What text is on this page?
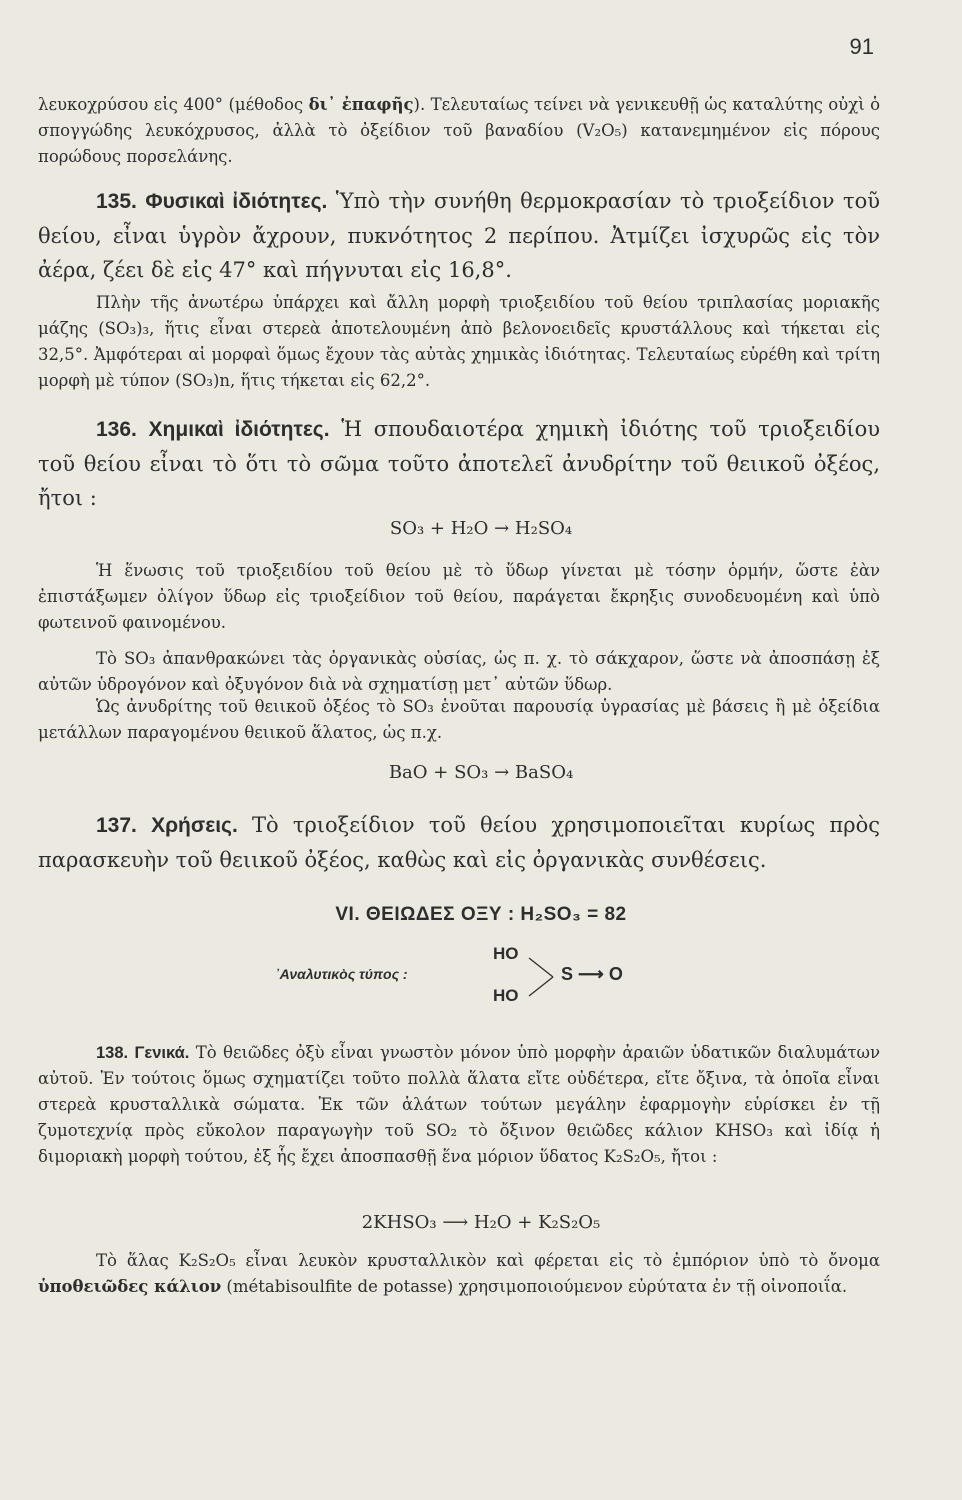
91
λευκοχρύσου εἰς 400° (μέθοδος δι᾽ ἐπαφῆς). Τελευταίως τείνει νὰ γενικευθῇ ὡς καταλύτης οὐχὶ ὁ σπογγώδης λευκόχρυσος, ἀλλὰ τὸ ὀξείδιον τοῦ βαναδίου (V₂O₅) κατανεμημένον εἰς πόρους πορώδους πορσελάνης.
135. Φυσικαὶ ἰδιότητες. Ὑπὸ τὴν συνήθη θερμοκρασίαν τὸ τριοξείδιον τοῦ θείου, εἶναι ὑγρὸν ἄχρουν, πυκνότητος 2 περίπου. Ἀτμίζει ἰσχυρῶς εἰς τὸν ἀέρα, ζέει δὲ εἰς 47° καὶ πήγνυται εἰς 16,8°.
Πλὴν τῆς ἀνωτέρω ὑπάρχει καὶ ἄλλη μορφὴ τριοξειδίου τοῦ θείου τριπλασίας μοριακῆς μάζης (SO₃)₃, ἥτις εἶναι στερεὰ ἀποτελουμένη ἀπὸ βελονοειδεῖς κρυστάλλους καὶ τήκεται εἰς 32,5°. Ἀμφότεραι αἱ μορφαὶ ὅμως ἔχουν τὰς αὐτὰς χημικὰς ἰδιότητας. Τελευταίως εὑρέθη καὶ τρίτη μορφὴ μὲ τύπον (SO₃)n, ἥτις τήκεται εἰς 62,2°.
136. Χημικαὶ ἰδιότητες. Ἡ σπουδαιοτέρα χημικὴ ἰδιότης τοῦ τριοξειδίου τοῦ θείου εἶναι τὸ ὅτι τὸ σῶμα τοῦτο ἀποτελεῖ ἀνυδρίτην τοῦ θειικοῦ ὀξέος, ἤτοι :
SO₃ + H₂O → H₂SO₄
Ἡ ἕνωσις τοῦ τριοξειδίου τοῦ θείου μὲ τὸ ὕδωρ γίνεται μὲ τόσην ὁρμήν, ὥστε ἐὰν ἐπιστάξωμεν ὀλίγον ὕδωρ εἰς τριοξείδιον τοῦ θείου, παράγεται ἔκρηξις συνοδευομένη καὶ ὑπὸ φωτεινοῦ φαινομένου.
Τὸ SO₃ ἀπανθρακώνει τὰς ὀργανικὰς οὐσίας, ὡς π. χ. τὸ σάκχαρον, ὥστε νὰ ἀποσπάσῃ ἐξ αὐτῶν ὑδρογόνον καὶ ὀξυγόνον διὰ νὰ σχηματίσῃ μετ᾽ αὐτῶν ὕδωρ.
Ὡς ἀνυδρίτης τοῦ θειικοῦ ὀξέος τὸ SO₃ ἑνοῦται παρουσίᾳ ὑγρασίας μὲ βάσεις ἢ μὲ ὀξείδια μετάλλων παραγομένου θειικοῦ ἅλατος, ὡς π.χ.
BaO + SO₃ → BaSO₄
137. Χρήσεις. Τὸ τριοξείδιον τοῦ θείου χρησιμοποιεῖται κυρίως πρὸς παρασκευὴν τοῦ θειικοῦ ὀξέος, καθὼς καὶ εἰς ὀργανικὰς συνθέσεις.
VI. ΘΕΙΩΔΕΣ ΟΞΥ : H₂SO₃ = 82
᾽Αναλυτικὸς τύπος :
HO
HO
S ⟶ O
138. Γενικά. Τὸ θειῶδες ὀξὺ εἶναι γνωστὸν μόνον ὑπὸ μορφὴν ἀραιῶν ὑδατικῶν διαλυμάτων αὐτοῦ. Ἐν τούτοις ὅμως σχηματίζει τοῦτο πολλὰ ἅλατα εἴτε οὐδέτερα, εἴτε ὄξινα, τὰ ὁποῖα εἶναι στερεὰ κρυσταλλικὰ σώματα. Ἐκ τῶν ἁλάτων τούτων μεγάλην ἐφαρμογὴν εὑρίσκει ἐν τῇ ζυμοτεχνίᾳ πρὸς εὔκολον παραγωγὴν τοῦ SO₂ τὸ ὄξινον θειῶδες κάλιον KHSO₃ καὶ ἰδίᾳ ἡ διμοριακὴ μορφὴ τούτου, ἐξ ἧς ἔχει ἀποσπασθῇ ἕνα μόριον ὕδατος K₂S₂O₅, ἤτοι :
2KHSO₃ ⟶ H₂O + K₂S₂O₅
Τὸ ἅλας K₂S₂O₅ εἶναι λευκὸν κρυσταλλικὸν καὶ φέρεται εἰς τὸ ἐμπόριον ὑπὸ τὸ ὄνομα ὑποθειῶδες κάλιον (métabisoulfite de potasse) χρησιμοποιούμενον εὐρύτατα ἐν τῇ οἰνοποιΐα.
